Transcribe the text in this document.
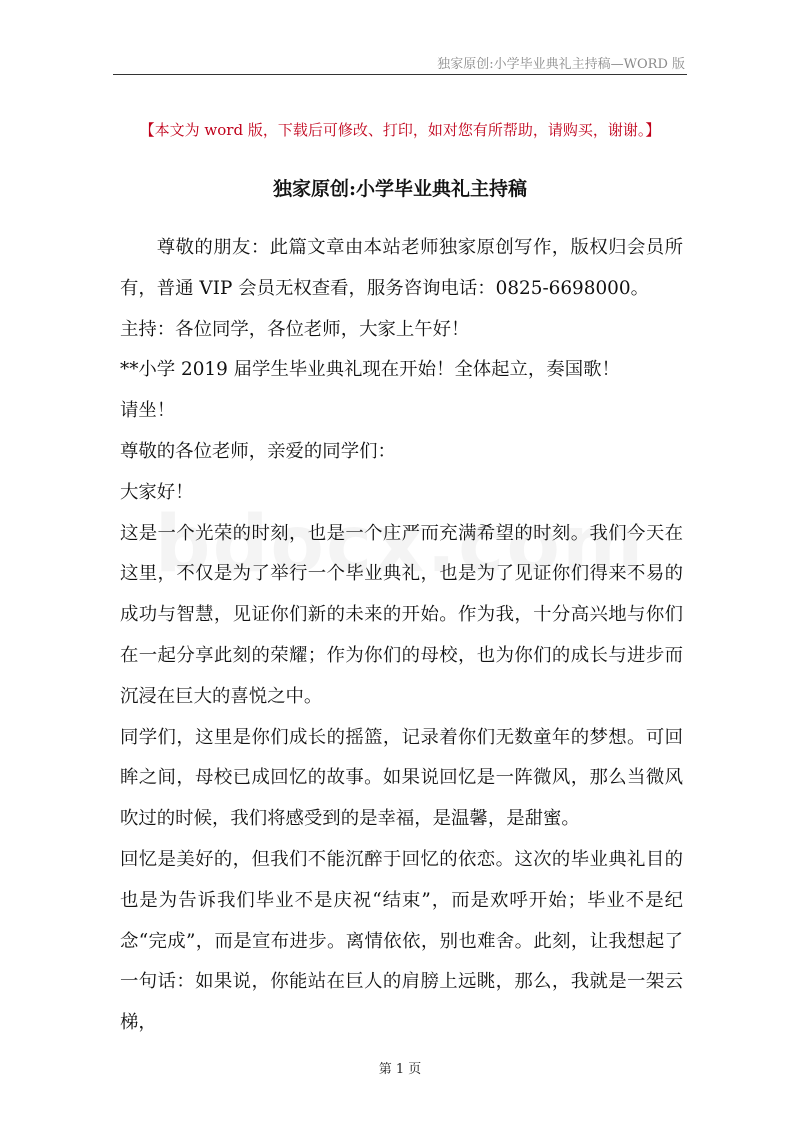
独家原创:小学毕业典礼主持稿—WORD 版
【本文为 word 版，下载后可修改、打印，如对您有所帮助，请购买，谢谢。】
独家原创:小学毕业典礼主持稿

尊敬的朋友：此篇文章由本站老师独家原创写作，版权归会员所有，普通 VIP 会员无权查看，服务咨询电话：0825-6698000。

主持：各位同学，各位老师，大家上午好！

**小学 2019 届学生毕业典礼现在开始！全体起立，奏国歌！

请坐！

尊敬的各位老师，亲爱的同学们：

大家好！

这是一个光荣的时刻，也是一个庄严而充满希望的时刻。我们今天在这里，不仅是为了举行一个毕业典礼，也是为了见证你们得来不易的成功与智慧，见证你们新的未来的开始。作为我，十分高兴地与你们在一起分享此刻的荣耀；作为你们的母校，也为你们的成长与进步而沉浸在巨大的喜悦之中。

同学们，这里是你们成长的摇篮，记录着你们无数童年的梦想。可回眸之间，母校已成回忆的故事。如果说回忆是一阵微风，那么当微风吹过的时候，我们将感受到的是幸福，是温馨，是甜蜜。

回忆是美好的，但我们不能沉醉于回忆的依恋。这次的毕业典礼目的也是为告诉我们毕业不是庆祝“结束”，而是欢呼开始；毕业不是纪念“完成”，而是宣布进步。离情依依，别也难舍。此刻，让我想起了一句话：如果说，你能站在巨人的肩膀上远眺，那么，我就是一架云梯，

第 1 页
